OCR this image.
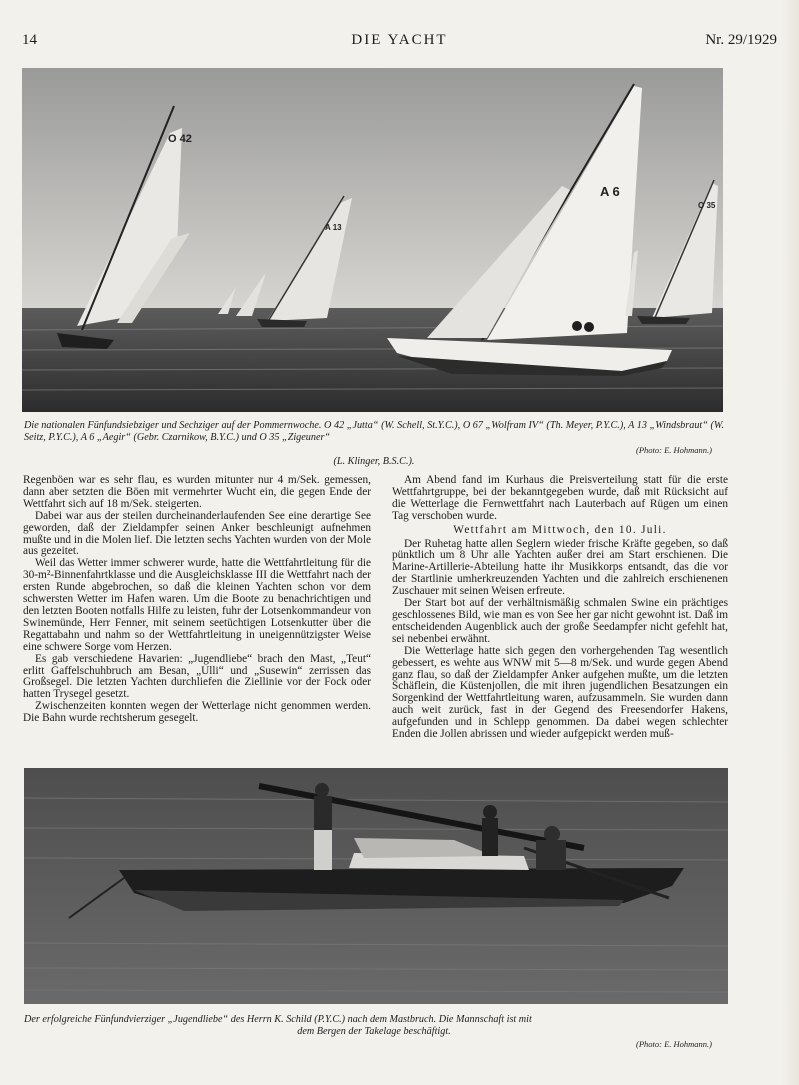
14	DIE YACHT	Nr. 29/1929
O 42
A 13
A 6
O 35
Die nationalen Fünfundsiebziger und Sechziger auf der Pommernwoche. O 42 „Jutta“ (W. Schell, St.Y.C.), O 67 „Wolfram IV“ (Th. Meyer, P.Y.C.), A 13 „Windsbraut“ (W. Seitz, P.Y.C.), A 6 „Aegir“ (Gebr. Czarnikow, B.Y.C.) und O 35 „Zigeuner“
(Photo: E. Hohmann.)
(L. Klinger, B.S.C.).

Regenböen war es sehr flau, es wurden mitunter nur 4 m/Sek. gemessen, dann aber setzten die Böen mit vermehrter Wucht ein, die gegen Ende der Wettfahrt sich auf 18 m/Sek. steigerten.

Dabei war aus der steilen durcheinanderlaufenden See eine derartige See geworden, daß der Zieldampfer seinen Anker beschleunigt aufnehmen mußte und in die Molen lief. Die letzten sechs Yachten wurden von der Mole aus gezeitet.

Weil das Wetter immer schwerer wurde, hatte die Wettfahrtleitung für die 30-m²-Binnenfahrtklasse und die Ausgleichsklasse III die Wettfahrt nach der ersten Runde abgebrochen, so daß die kleinen Yachten schon vor dem schwersten Wetter im Hafen waren. Um die Boote zu benachrichtigen und den letzten Booten notfalls Hilfe zu leisten, fuhr der Lotsenkommandeur von Swinemünde, Herr Fenner, mit seinem seetüchtigen Lotsenkutter über die Regattabahn und nahm so der Wettfahrtleitung in uneigennützigster Weise eine schwere Sorge vom Herzen.

Es gab verschiedene Havarien: „Jugendliebe“ brach den Mast, „Teut“ erlitt Gaffelschuhbruch am Besan, „Ulli“ und „Susewin“ zerrissen das Großsegel. Die letzten Yachten durchliefen die Ziellinie vor der Fock oder hatten Trysegel gesetzt.

Zwischenzeiten konnten wegen der Wetterlage nicht genommen werden. Die Bahn wurde rechtsherum gesegelt.

Am Abend fand im Kurhaus die Preisverteilung statt für die erste Wettfahrtgruppe, bei der bekanntgegeben wurde, daß mit Rücksicht auf die Wetterlage die Fernwettfahrt nach Lauterbach auf Rügen um einen Tag verschoben wurde.

Wettfahrt am Mittwoch, den 10. Juli.

Der Ruhetag hatte allen Seglern wieder frische Kräfte gegeben, so daß pünktlich um 8 Uhr alle Yachten außer drei am Start erschienen. Die Marine-Artillerie-Abteilung hatte ihr Musikkorps entsandt, das die vor der Startlinie umherkreuzenden Yachten und die zahlreich erschienenen Zuschauer mit seinen Weisen erfreute.

Der Start bot auf der verhältnismäßig schmalen Swine ein prächtiges geschlossenes Bild, wie man es von See her gar nicht gewohnt ist. Daß im entscheidenden Augenblick auch der große Seedampfer nicht gefehlt hat, sei nebenbei erwähnt.

Die Wetterlage hatte sich gegen den vorhergehenden Tag wesentlich gebessert, es wehte aus WNW mit 5—8 m/Sek. und wurde gegen Abend ganz flau, so daß der Zieldampfer Anker aufgehen mußte, um die letzten Schäflein, die Küstenjollen, die mit ihren jugendlichen Besatzungen ein Sorgenkind der Wettfahrtleitung waren, aufzusammeln. Sie wurden dann auch weit zurück, fast in der Gegend des Freesendorfer Hakens, aufgefunden und in Schlepp genommen. Da dabei wegen schlechter Enden die Jollen abrissen und wieder aufgepickt werden muß-

Der erfolgreiche Fünfundvierziger „Jugendliebe“ des Herrn K. Schild (P.Y.C.) nach dem Mastbruch. Die Mannschaft ist mit
dem Bergen der Takelage beschäftigt.
(Photo: E. Hohmann.)
